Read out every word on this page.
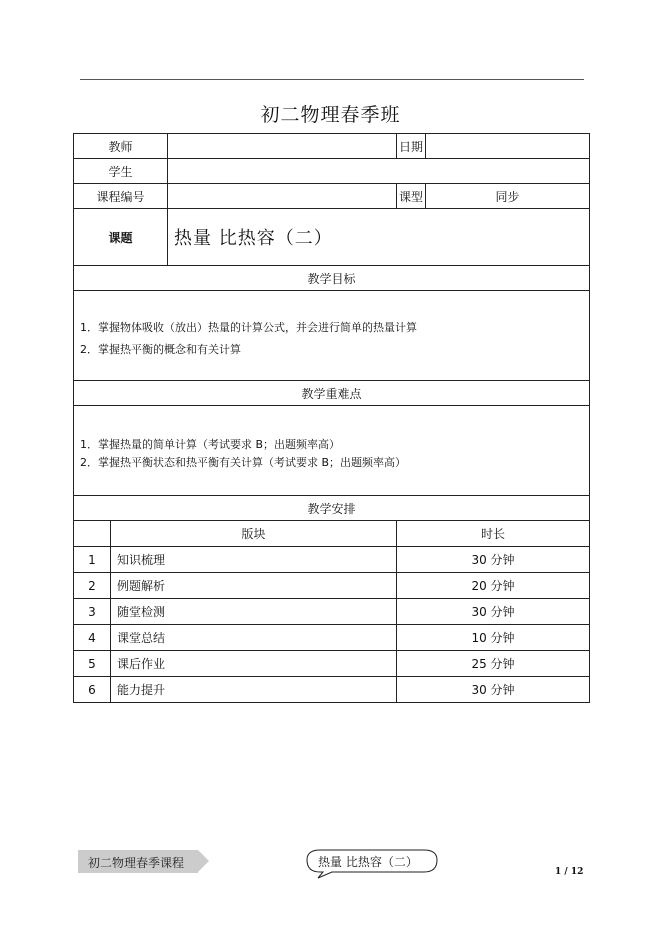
初二物理春季班
教师			日期	
学生				
课程编号			课型	同步
课题		热量 比热容（二）		
教学目标				

1．掌握物体吸收（放出）热量的计算公式，并会进行简单的热量计算
2．掌握热平衡的概念和有关计算				

教学重难点				

1．掌握热量的简单计算（考试要求 B；出题频率高）
2．掌握热平衡状态和热平衡有关计算（考试要求 B；出题频率高）				

教学安排				
	版块		时长	
1	知识梳理		30 分钟	
2	例题解析		20 分钟	
3	随堂检测		30 分钟	
4	课堂总结		10 分钟	
5	课后作业		25 分钟	
6	能力提升		30 分钟	
初二物理春季课程	热量 比热容（二）
1 / 12
